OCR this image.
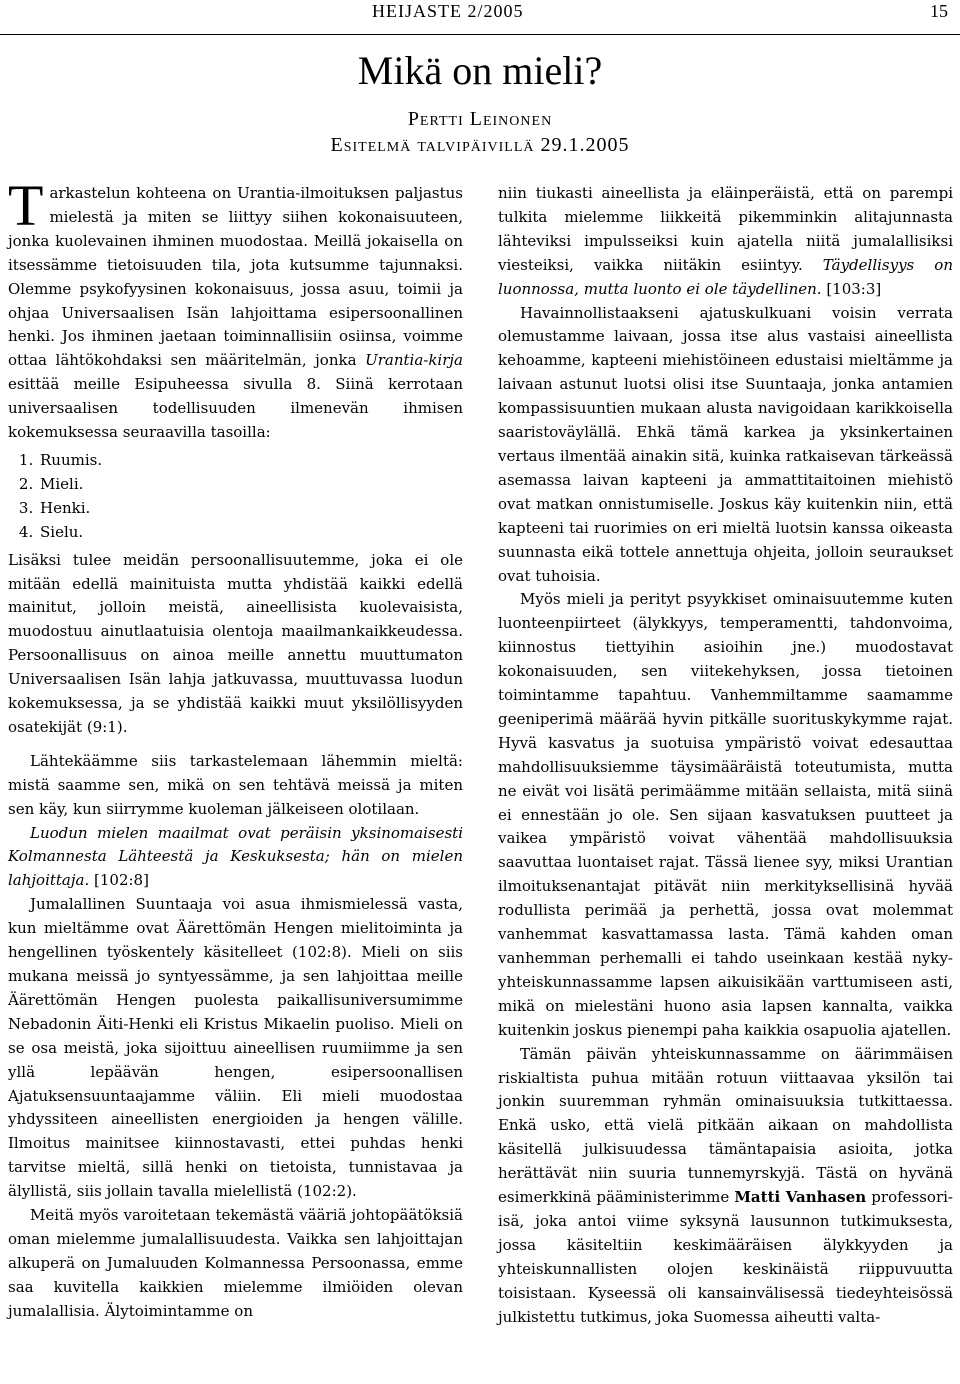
HEIJASTE 2/2005	15
Mikä on mieli?
Pertti Leinonen
Esitelmä talvipäivillä 29.1.2005

Tarkastelun kohteena on Urantia-ilmoituksen paljastus mielestä ja miten se liittyy siihen kokonaisuuteen, jonka kuolevainen ihminen muodostaa. Meillä jokaisella on itsessämme tietoisuuden tila, jota kutsumme tajunnaksi. Olemme psykofyysinen kokonaisuus, jossa asuu, toimii ja ohjaa Universaalisen Isän lahjoittama esipersoonallinen henki. Jos ihminen jaetaan toiminnallisiin osiinsa, voimme ottaa lähtökohdaksi sen määritelmän, jonka Urantia-kirja esittää meille Esipuheessa sivulla 8. Siinä kerrotaan universaalisen todellisuuden ilmenevän ihmisen kokemuksessa seuraavilla tasoilla:

1. Ruumis.
2. Mieli.
3. Henki.
4. Sielu.

Lisäksi tulee meidän persoonallisuutemme, joka ei ole mitään edellä mainituista mutta yhdistää kaikki edellä mainitut, jolloin meistä, aineellisista kuolevaisista, muodostuu ainutlaatuisia olentoja maailmankaikkeudessa. Persoonallisuus on ainoa meille annettu muuttumaton Universaalisen Isän lahja jatkuvassa, muuttuvassa luodun kokemuksessa, ja se yhdistää kaikki muut yksilöllisyyden osatekijät (9:1).

Lähtekäämme siis tarkastelemaan lähemmin mieltä: mistä saamme sen, mikä on sen tehtävä meissä ja miten sen käy, kun siirrymme kuoleman jälkeiseen olotilaan.

Luodun mielen maailmat ovat peräisin yksinomaisesti Kolmannesta Lähteestä ja Keskuksesta; hän on mielen lahjoittaja. [102:8]

Jumalallinen Suuntaaja voi asua ihmismielessä vasta, kun mieltämme ovat Äärettömän Hengen mielitoiminta ja hengellinen työskentely käsitelleet (102:8). Mieli on siis mukana meissä jo syntyessämme, ja sen lahjoittaa meille Äärettömän Hengen puolesta paikallisuniversumimme Nebadonin Äiti-Henki eli Kristus Mikaelin puoliso. Mieli on se osa meistä, joka sijoittuu aineellisen ruumiimme ja sen yllä lepäävän hengen, esipersoonallisen Ajatuksensuuntaajamme väliin. Eli mieli muodostaa yhdyssiteen aineellisten energioiden ja hengen välille. Ilmoitus mainitsee kiinnostavasti, ettei puhdas henki tarvitse mieltä, sillä henki on tietoista, tunnistavaa ja älyllistä, siis jollain tavalla mielellistä (102:2).

Meitä myös varoitetaan tekemästä vääriä johtopäätöksiä oman mielemme jumalallisuudesta. Vaikka sen lahjoittajan alkuperä on Jumaluuden Kolmannessa Persoonassa, emme saa kuvitella kaikkien mielemme ilmiöiden olevan jumalallisia. Älytoimintamme on

niin tiukasti aineellista ja eläinperäistä, että on parempi tulkita mielemme liikkeitä pikemminkin alitajunnasta lähteviksi impulsseiksi kuin ajatella niitä jumalallisiksi viesteiksi, vaikka niitäkin esiintyy. Täydellisyys on luonnossa, mutta luonto ei ole täydellinen. [103:3]

Havainnollistaakseni ajatuskulkuani voisin verrata olemustamme laivaan, jossa itse alus vastaisi aineellista kehoamme, kapteeni miehistöineen edustaisi mieltämme ja laivaan astunut luotsi olisi itse Suuntaaja, jonka antamien kompassisuuntien mukaan alusta navigoidaan karikkoisella saaristoväylällä. Ehkä tämä karkea ja yksinkertainen vertaus ilmentää ainakin sitä, kuinka ratkaisevan tärkeässä asemassa laivan kapteeni ja ammattitaitoinen miehistö ovat matkan onnistumiselle. Joskus käy kuitenkin niin, että kapteeni tai ruorimies on eri mieltä luotsin kanssa oikeasta suunnasta eikä tottele annettuja ohjeita, jolloin seuraukset ovat tuhoisia.

Myös mieli ja perityt psyykkiset ominaisuutemme kuten luonteenpiirteet (älykkyys, temperamentti, tahdonvoima, kiinnostus tiettyihin asioihin jne.) muodostavat kokonaisuuden, sen viitekehyksen, jossa tietoinen toimintamme tapahtuu. Vanhemmiltamme saamamme geeniperimä määrää hyvin pitkälle suorituskykymme rajat. Hyvä kasvatus ja suotuisa ympäristö voivat edesauttaa mahdollisuuksiemme täysimääräistä toteutumista, mutta ne eivät voi lisätä perimäämme mitään sellaista, mitä siinä ei ennestään jo ole. Sen sijaan kasvatuksen puutteet ja vaikea ympäristö voivat vähentää mahdollisuuksia saavuttaa luontaiset rajat. Tässä lienee syy, miksi Urantian ilmoituksenantajat pitävät niin merkityksellisinä hyvää rodullista perimää ja perhettä, jossa ovat molemmat vanhemmat kasvattamassa lasta. Tämä kahden oman vanhemman perhemalli ei tahdo useinkaan kestää nyky-yhteiskunnassamme lapsen aikuisikään varttumiseen asti, mikä on mielestäni huono asia lapsen kannalta, vaikka kuitenkin joskus pienempi paha kaikkia osapuolia ajatellen.

Tämän päivän yhteiskunnassamme on äärimmäisen riskialtista puhua mitään rotuun viittaavaa yksilön tai jonkin suuremman ryhmän ominaisuuksia tutkittaessa. Enkä usko, että vielä pitkään aikaan on mahdollista käsitellä julkisuudessa tämäntapaisia asioita, jotka herättävät niin suuria tunnemyrskyjä. Tästä on hyvänä esimerkkinä pääministerimme Matti Vanhasen professori-isä, joka antoi viime syksynä lausunnon tutkimuksesta, jossa käsiteltiin keskimääräisen älykkyyden ja yhteiskunnallisten olojen keskinäistä riippuvuutta toisistaan. Kyseessä oli kansainvälisessä tiedeyhteisössä julkistettu tutkimus, joka Suomessa aiheutti valta-
